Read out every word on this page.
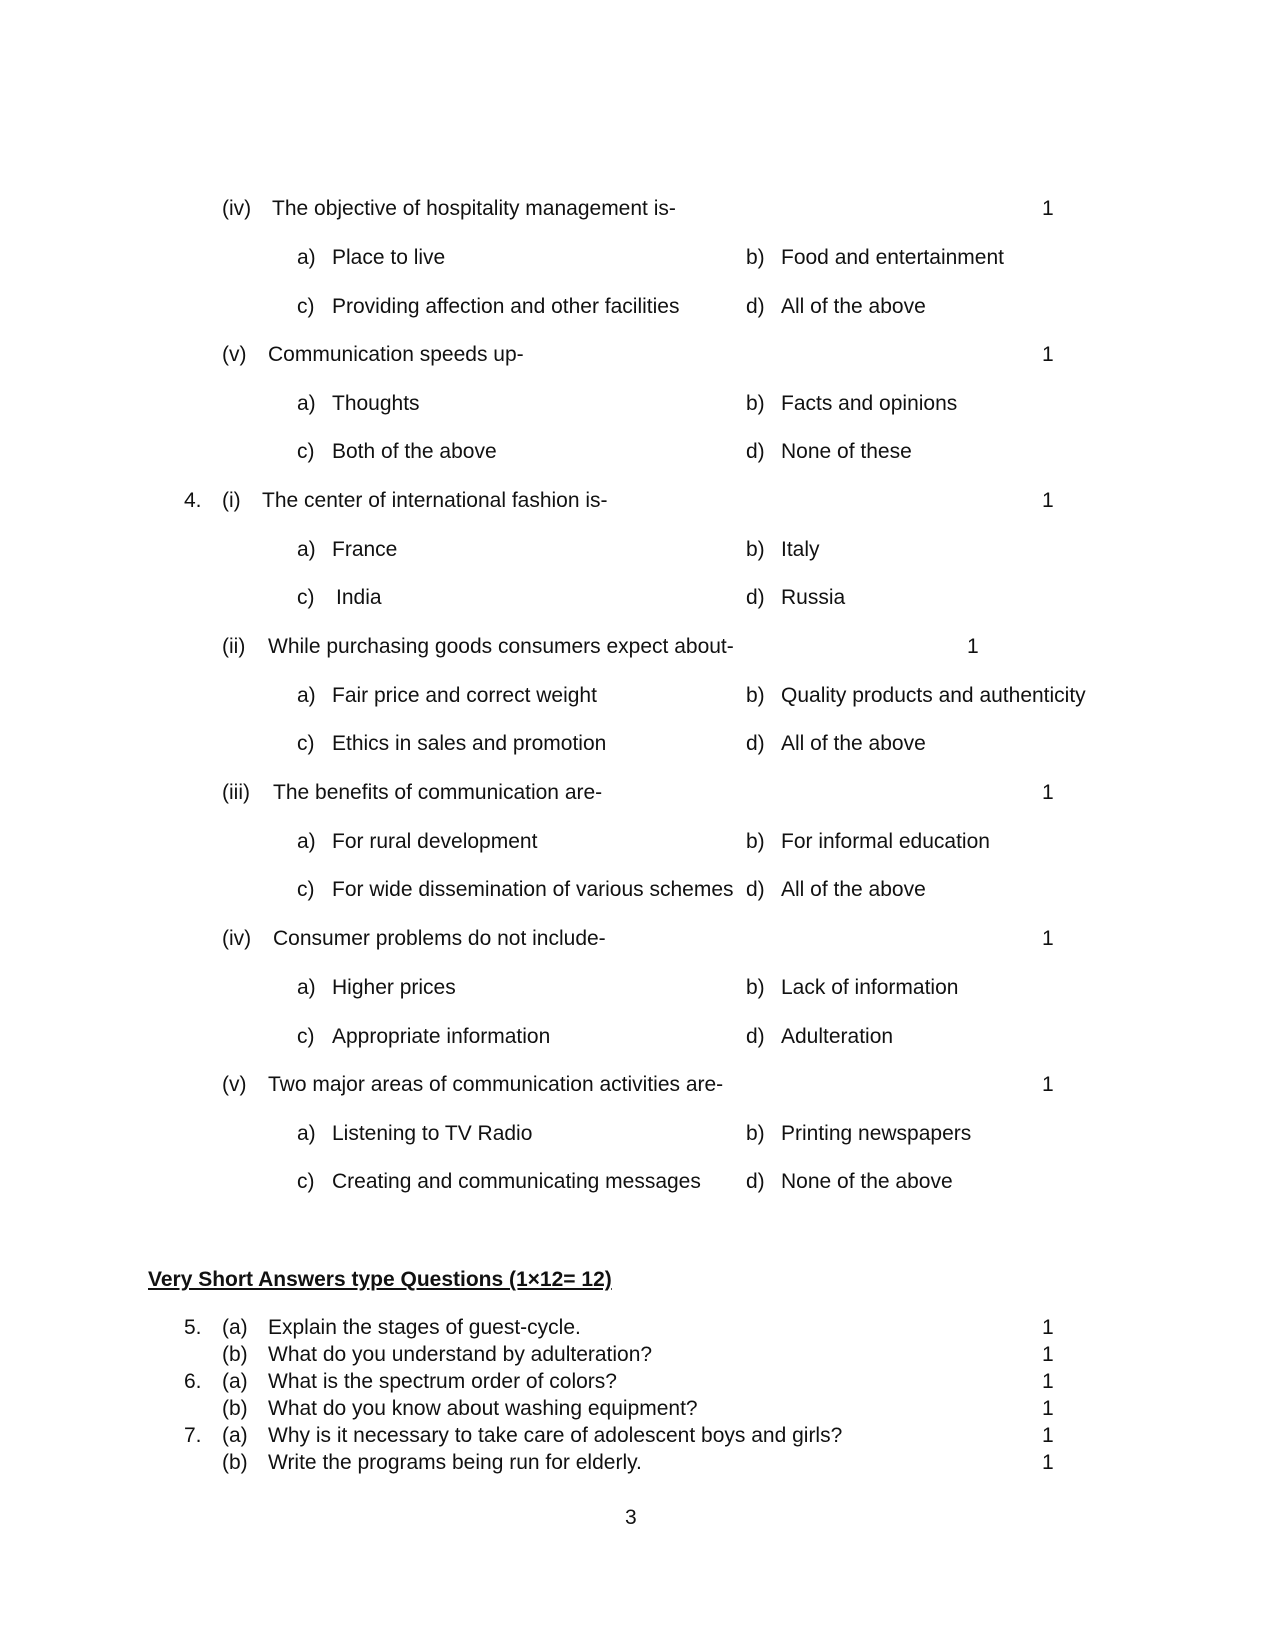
(iv) The objective of hospitality management is-	1
a) Place to live	b) Food and entertainment
c) Providing affection and other facilities	d) All of the above
(v) Communication speeds up-	1
a) Thoughts	b) Facts and opinions
c) Both of the above	d) None of these
4. (i) The center of international fashion is-	1
a) France	b) Italy
c) India	d) Russia
(ii) While purchasing goods consumers expect about-	1
a) Fair price and correct weight	b) Quality products and authenticity
c) Ethics in sales and promotion	d) All of the above
(iii) The benefits of communication are-	1
a) For rural development	b) For informal education
c) For wide dissemination of various schemes d) All of the above
(iv) Consumer problems do not include-	1
a) Higher prices	b) Lack of information
c) Appropriate information	d) Adulteration
(v) Two major areas of communication activities are-	1
a) Listening to TV Radio	b) Printing newspapers
c) Creating and communicating messages d) None of the above
Very Short Answers type Questions (1×12= 12)
5. (a) Explain the stages of guest-cycle.	1
(b) What do you understand by adulteration?	1
6. (a) What is the spectrum order of colors?	1
(b) What do you know about washing equipment?	1
7. (a) Why is it necessary to take care of adolescent boys and girls?	1
(b) Write the programs being run for elderly.	1
3
